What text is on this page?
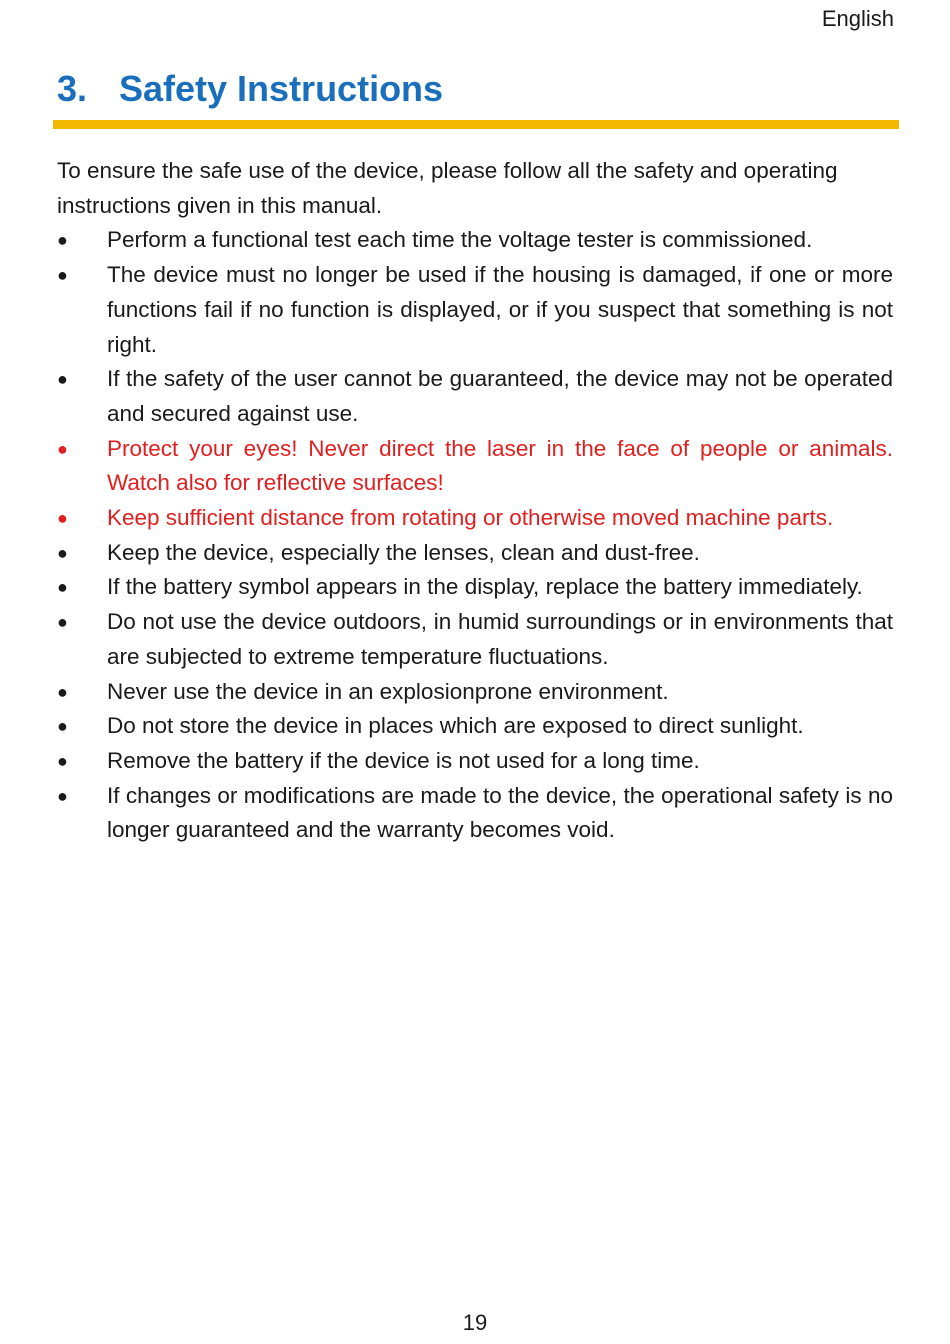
English
3. Safety Instructions

To ensure the safe use of the device, please follow all the safety and operating instructions given in this manual.

● Perform a functional test each time the voltage tester is commissioned.
● The device must no longer be used if the housing is damaged, if one or more functions fail if no function is displayed, or if you suspect that something is not right.
● If the safety of the user cannot be guaranteed, the device may not be operated and secured against use.
● Protect your eyes! Never direct the laser in the face of people or animals. Watch also for reflective surfaces!
● Keep sufficient distance from rotating or otherwise moved machine parts.
● Keep the device, especially the lenses, clean and dust-free.
● If the battery symbol appears in the display, replace the battery immediately.
● Do not use the device outdoors, in humid surroundings or in environments that are subjected to extreme temperature fluctuations.
● Never use the device in an explosionprone environment.
● Do not store the device in places which are exposed to direct sunlight.
● Remove the battery if the device is not used for a long time.
● If changes or modifications are made to the device, the operational safety is no longer guaranteed and the warranty becomes void.
19
